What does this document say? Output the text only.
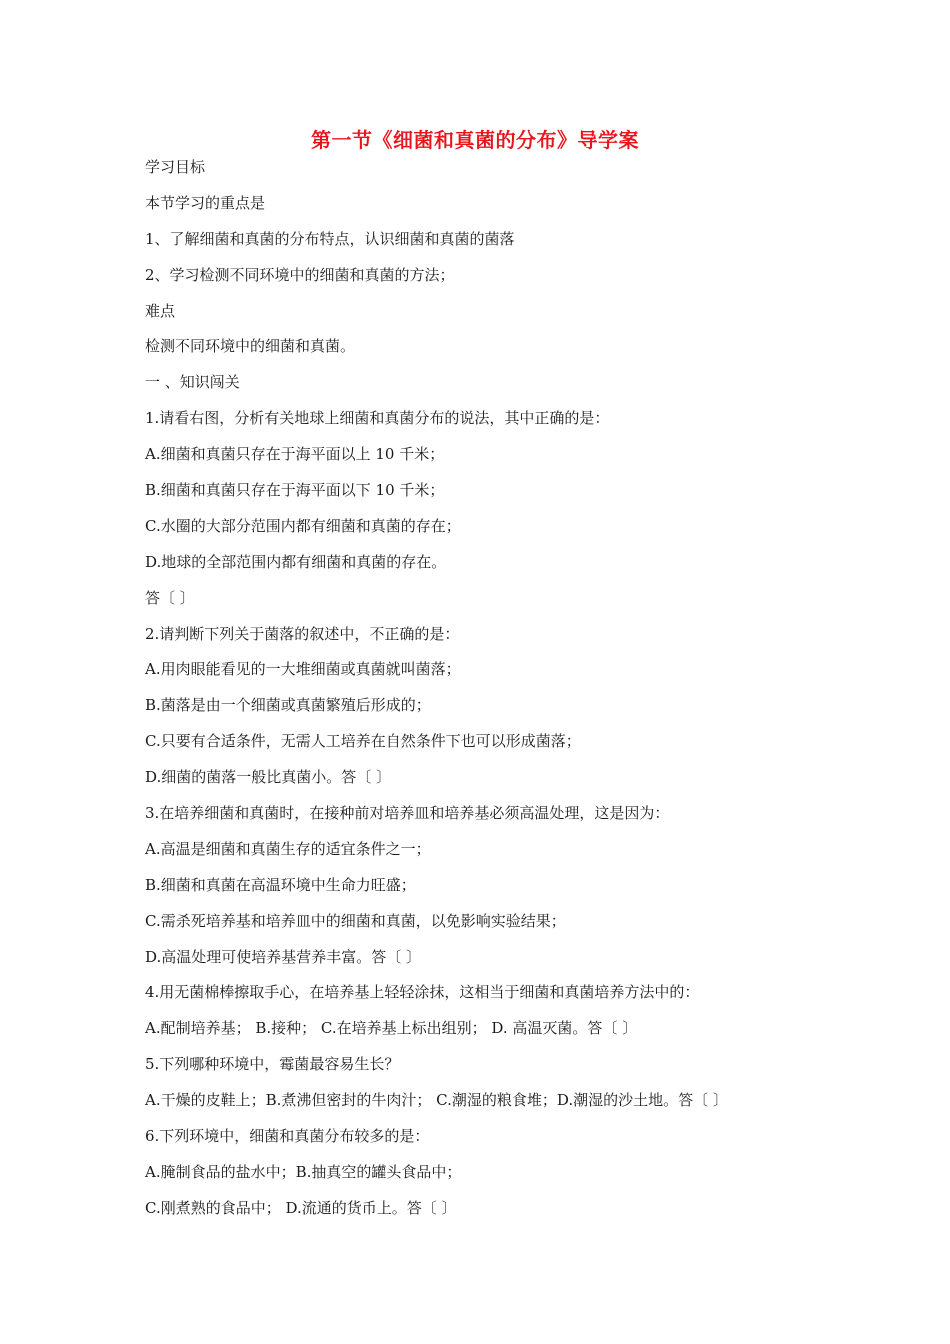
第一节《细菌和真菌的分布》导学案
学习目标
本节学习的重点是
1、了解细菌和真菌的分布特点，认识细菌和真菌的菌落
2、学习检测不同环境中的细菌和真菌的方法；
难点
检测不同环境中的细菌和真菌。
一 、知识闯关
1.请看右图，分析有关地球上细菌和真菌分布的说法，其中正确的是：
A.细菌和真菌只存在于海平面以上 10 千米；
B.细菌和真菌只存在于海平面以下 10 千米；
C.水圈的大部分范围内都有细菌和真菌的存在；
D.地球的全部范围内都有细菌和真菌的存在。
答〔 〕
2.请判断下列关于菌落的叙述中，不正确的是：
A.用肉眼能看见的一大堆细菌或真菌就叫菌落；
B.菌落是由一个细菌或真菌繁殖后形成的；
C.只要有合适条件，无需人工培养在自然条件下也可以形成菌落；
D.细菌的菌落一般比真菌小。答〔 〕
3.在培养细菌和真菌时，在接种前对培养皿和培养基必须高温处理，这是因为：
A.高温是细菌和真菌生存的适宜条件之一；
B.细菌和真菌在高温环境中生命力旺盛；
C.需杀死培养基和培养皿中的细菌和真菌，以免影响实验结果；
D.高温处理可使培养基营养丰富。答〔 〕
4.用无菌棉棒擦取手心，在培养基上轻轻涂抹，这相当于细菌和真菌培养方法中的：
A.配制培养基； B.接种； C.在培养基上标出组别； D. 高温灭菌。答〔 〕
5.下列哪种环境中，霉菌最容易生长？
A.干燥的皮鞋上；B.煮沸但密封的牛肉汁； C.潮湿的粮食堆；D.潮湿的沙土地。答〔 〕
6.下列环境中，细菌和真菌分布较多的是：
A.腌制食品的盐水中；B.抽真空的罐头食品中；
C.刚煮熟的食品中； D.流通的货币上。答〔 〕
